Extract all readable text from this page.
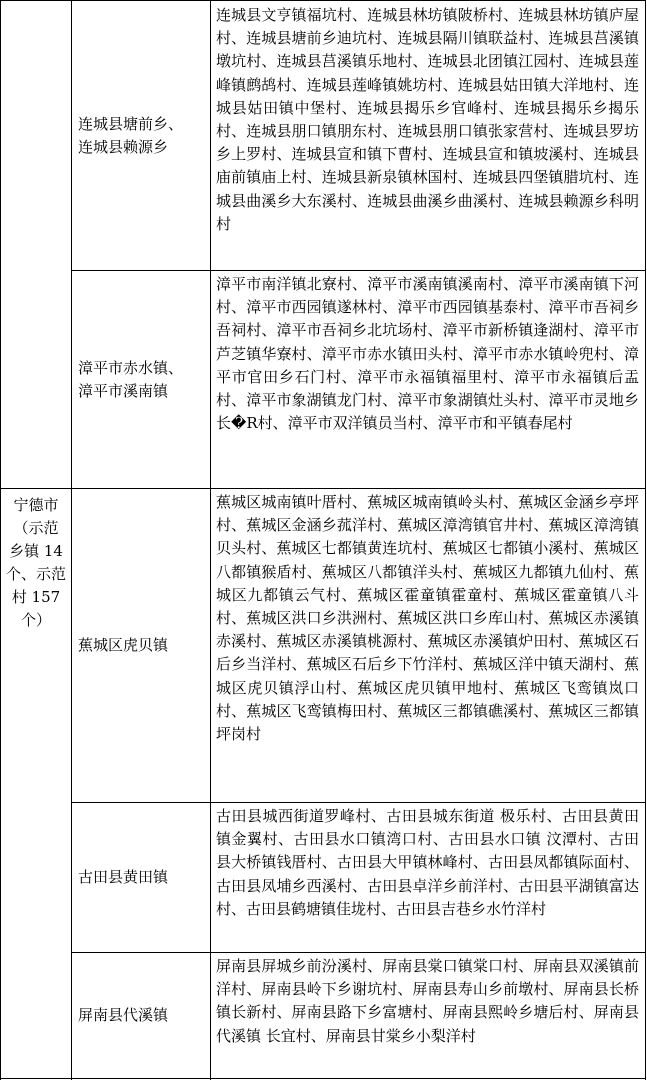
宁德市
（示范
乡镇 14
个、示范
村 157
个）
连城县塘前乡、
连城县赖源乡
连城县文亨镇福坑村、连城县林坊镇陂桥村、连城县林坊镇庐屋村、连城县塘前乡迪坑村、连城县隔川镇联益村、连城县莒溪镇墩坑村、连城县莒溪镇乐地村、连城县北团镇江园村、连城县莲峰镇鹧鸪村、连城县莲峰镇姚坊村、连城县姑田镇大洋地村、连城县姑田镇中堡村、连城县揭乐乡官峰村、连城县揭乐乡揭乐村、连城县朋口镇朋东村、连城县朋口镇张家营村、连城县罗坊乡上罗村、连城县宣和镇下曹村、连城县宣和镇坡溪村、连城县庙前镇庙上村、连城县新泉镇林国村、连城县四堡镇腊坑村、连城县曲溪乡大东溪村、连城县曲溪乡曲溪村、连城县赖源乡科明村
漳平市赤水镇、
漳平市溪南镇
漳平市南洋镇北寮村、漳平市溪南镇溪南村、漳平市溪南镇下河村、漳平市西园镇遂林村、漳平市西园镇基泰村、漳平市吾祠乡吾祠村、漳平市吾祠乡北坑场村、漳平市新桥镇逢湖村、漳平市芦芝镇华寮村、漳平市赤水镇田头村、漳平市赤水镇岭兜村、漳平市官田乡石门村、漳平市永福镇福里村、漳平市永福镇后盂村、漳平市象湖镇龙门村、漳平市象湖镇灶头村、漳平市灵地乡长�R村、漳平市双洋镇员当村、漳平市和平镇春尾村
蕉城区虎贝镇
蕉城区城南镇叶厝村、蕉城区城南镇岭头村、蕉城区金涵乡亭坪村、蕉城区金涵乡菰洋村、蕉城区漳湾镇官井村、蕉城区漳湾镇贝头村、蕉城区七都镇黄连坑村、蕉城区七都镇小溪村、蕉城区八都镇猴盾村、蕉城区八都镇洋头村、蕉城区九都镇九仙村、蕉城区九都镇云气村、蕉城区霍童镇霍童村、蕉城区霍童镇八斗村、蕉城区洪口乡洪洲村、蕉城区洪口乡库山村、蕉城区赤溪镇赤溪村、蕉城区赤溪镇桃源村、蕉城区赤溪镇炉田村、蕉城区石后乡当洋村、蕉城区石后乡下竹洋村、蕉城区洋中镇天湖村、蕉城区虎贝镇浮山村、蕉城区虎贝镇甲地村、蕉城区飞鸾镇岚口村、蕉城区飞鸾镇梅田村、蕉城区三都镇礁溪村、蕉城区三都镇坪岗村
古田县黄田镇
古田县城西街道罗峰村、古田县城东街道 极乐村、古田县黄田镇金翼村、古田县水口镇湾口村、古田县水口镇 汶潭村、古田县大桥镇钱厝村、古田县大甲镇林峰村、古田县凤都镇际面村、古田县凤埔乡西溪村、古田县卓洋乡前洋村、古田县平湖镇富达村、古田县鹤塘镇佳垅村、古田县吉巷乡水竹洋村
屏南县代溪镇
屏南县屏城乡前汾溪村、屏南县棠口镇棠口村、屏南县双溪镇前洋村、屏南县岭下乡谢坑村、屏南县寿山乡前墩村、屏南县长桥镇长新村、屏南县路下乡富塘村、屏南县熙岭乡塘后村、屏南县代溪镇 长宜村、屏南县甘棠乡小梨洋村
